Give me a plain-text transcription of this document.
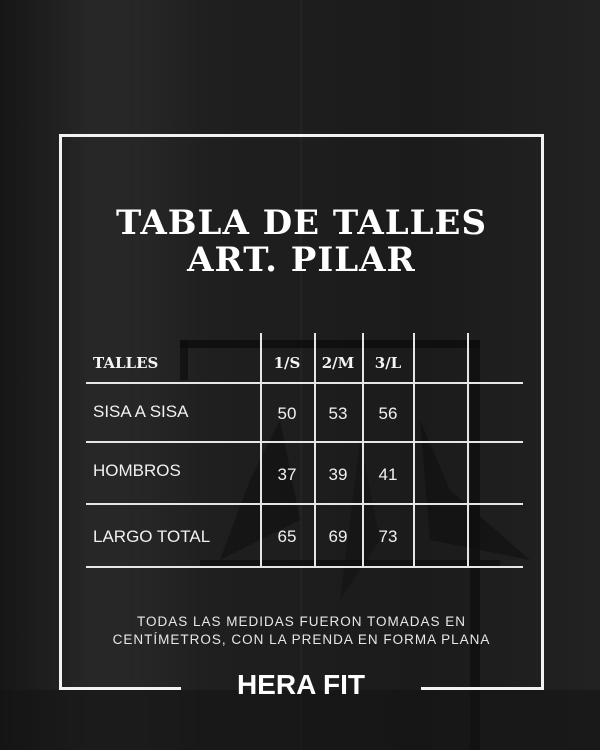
TABLA DE TALLES
ART. PILAR
TALLES	1/S	2/M	3/L
SISA A SISA	50	53	56
HOMBROS	37	39	41
LARGO TOTAL	65	69	73
TODAS LAS MEDIDAS FUERON TOMADAS EN
CENTÍMETROS, CON LA PRENDA EN FORMA PLANA
HERA FIT
